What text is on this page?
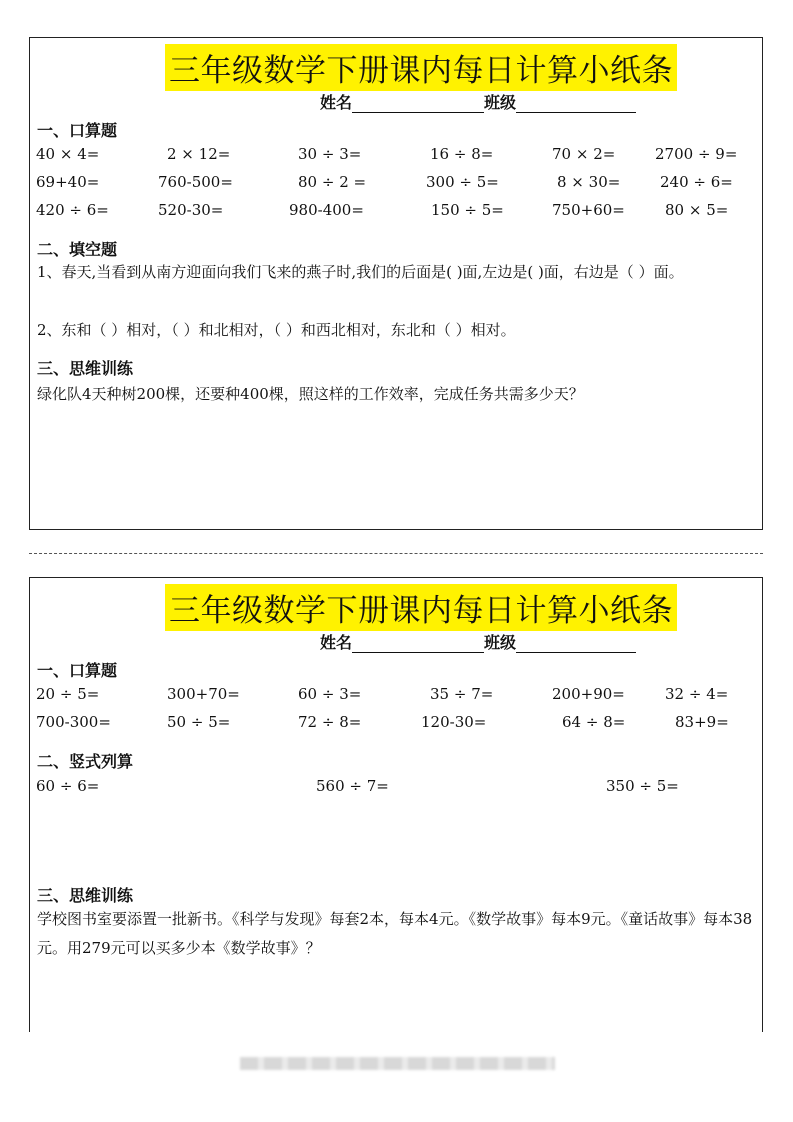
三年级数学下册课内每日计算小纸条
姓名	班级
一、口算题
40 × 4=	2 × 12=	30 ÷ 3=	16 ÷ 8=	70 × 2=	2700 ÷ 9=
69+40=	760-500=	80 ÷ 2 =	300 ÷ 5=	8 × 30=	240 ÷ 6=
420 ÷ 6=	520-30=	980-400=	150 ÷ 5=	750+60=	80 × 5=
二、填空题
1、春天,当看到从南方迎面向我们飞来的燕子时,我们的后面是( )面,左边是( )面，右边是（ ）面。
2、东和（ ）相对，（ ）和北相对，（ ）和西北相对，东北和（ ）相对。
三、思维训练
绿化队4天种树200棵，还要种400棵，照这样的工作效率，完成任务共需多少天？
三年级数学下册课内每日计算小纸条
姓名	班级
一、口算题
20 ÷ 5=	300+70=	60 ÷ 3=	35 ÷ 7=	200+90=	32 ÷ 4=
700-300=	50 ÷ 5=	72 ÷ 8=	120-30=	64 ÷ 8=	83+9=
二、竖式列算
60 ÷ 6=	560 ÷ 7=	350 ÷ 5=
三、思维训练
学校图书室要添置一批新书。《科学与发现》每套2本，每本4元。《数学故事》每本9元。《童话故事》每本38元。用279元可以买多少本《数学故事》？
